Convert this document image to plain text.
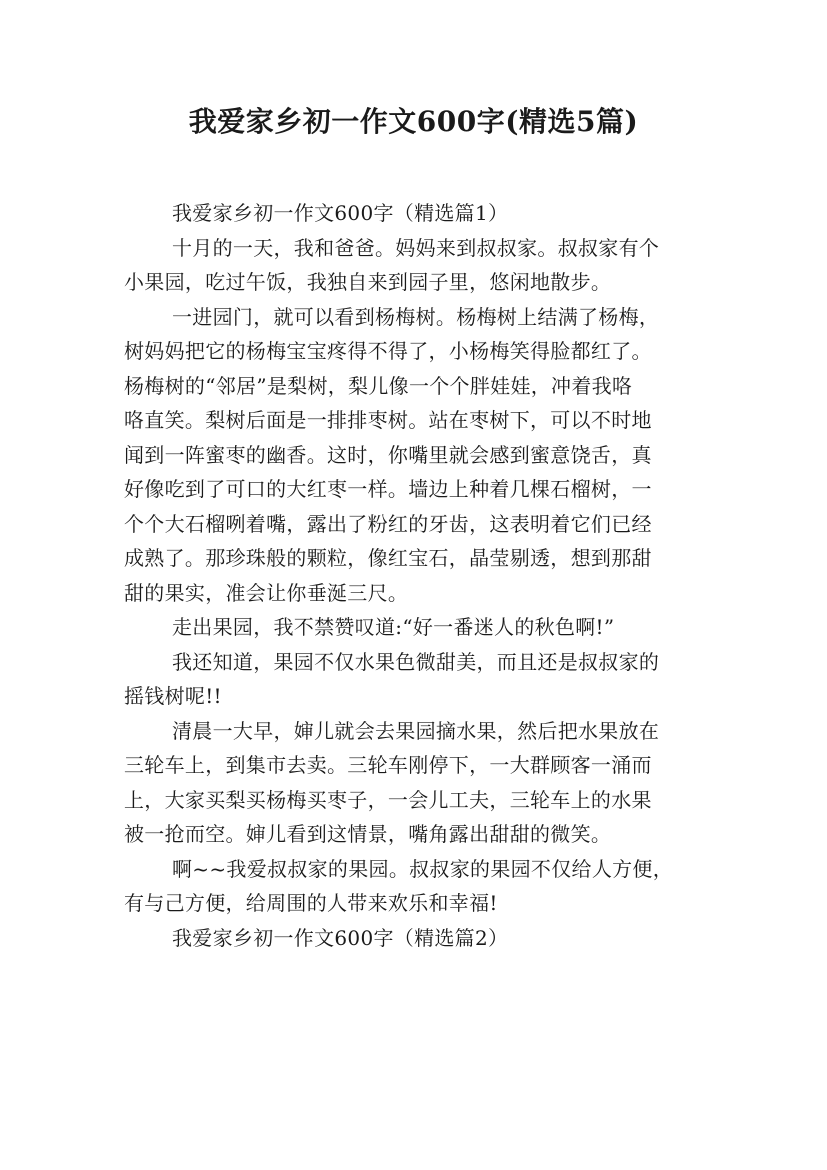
我爱家乡初一作文600字(精选5篇)
我爱家乡初一作文600字（精选篇1）
十月的一天，我和爸爸。妈妈来到叔叔家。叔叔家有个
小果园，吃过午饭，我独自来到园子里，悠闲地散步。
一进园门，就可以看到杨梅树。杨梅树上结满了杨梅，
树妈妈把它的杨梅宝宝疼得不得了，小杨梅笑得脸都红了。
杨梅树的“邻居”是梨树，梨儿像一个个胖娃娃，冲着我咯
咯直笑。梨树后面是一排排枣树。站在枣树下，可以不时地
闻到一阵蜜枣的幽香。这时，你嘴里就会感到蜜意饶舌，真
好像吃到了可口的大红枣一样。墙边上种着几棵石榴树，一
个个大石榴咧着嘴，露出了粉红的牙齿，这表明着它们已经
成熟了。那珍珠般的颗粒，像红宝石，晶莹剔透，想到那甜
甜的果实，准会让你垂涎三尺。
走出果园，我不禁赞叹道:“好一番迷人的秋色啊!”
我还知道，果园不仅水果色微甜美，而且还是叔叔家的
摇钱树呢!!
清晨一大早，婶儿就会去果园摘水果，然后把水果放在
三轮车上，到集市去卖。三轮车刚停下，一大群顾客一涌而
上，大家买梨买杨梅买枣子，一会儿工夫，三轮车上的水果
被一抢而空。婶儿看到这情景，嘴角露出甜甜的微笑。
啊~~我爱叔叔家的果园。叔叔家的果园不仅给人方便，
有与己方便，给周围的人带来欢乐和幸福!
我爱家乡初一作文600字（精选篇2）
